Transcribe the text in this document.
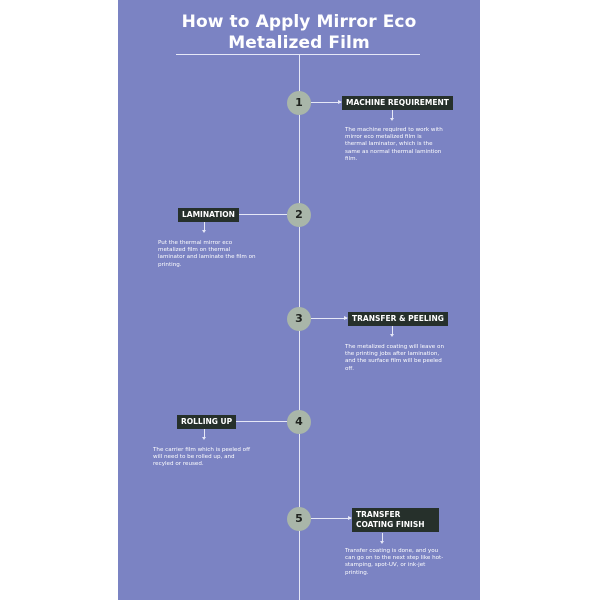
How to Apply Mirror Eco
Metalized Film
1	MACHINE REQUIREMENT
The machine required to work with mirror eco metalized film is thermal laminator, which is the same as normal thermal lamintion film.
2
LAMINATION
Put the thermal mirror eco metalized film on thermal laminator and laminate the film on printing.
3	TRANSFER & PEELING
The metalized coating will leave on the printing jobs after lamination, and the surface film will be peeled off.
4
ROLLING UP
The carrier film which is peeled off will need to be rolled up, and recyled or reused.
5	TRANSFER COATING FINISH
Transfer coating is done, and you can go on to the next step like hot-stamping, spot-UV, or ink-jet printing.
